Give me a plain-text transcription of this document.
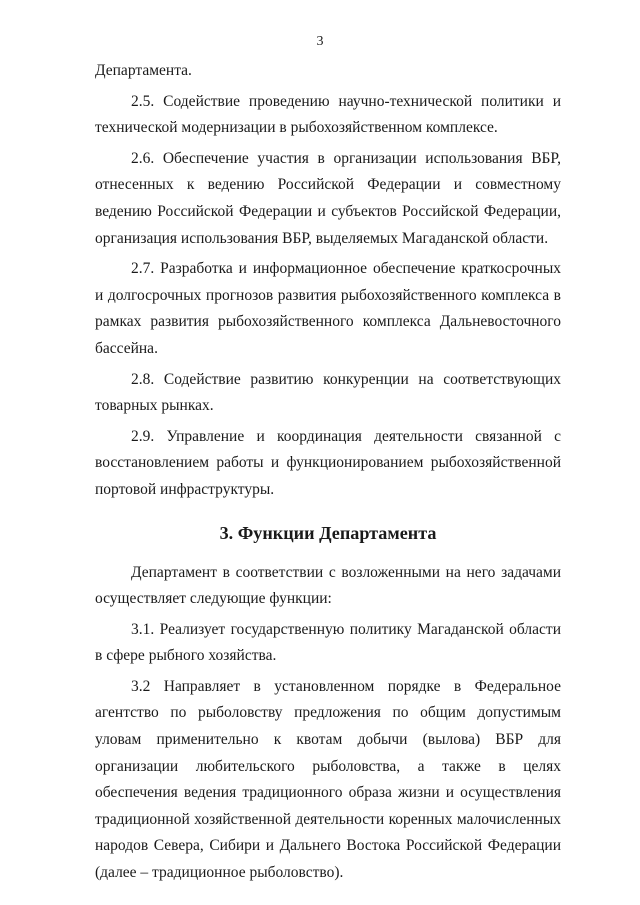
3

Департамента.

2.5. Содействие проведению научно-технической политики и технической модернизации в рыбохозяйственном комплексе.

2.6. Обеспечение участия в организации использования ВБР, отнесенных к ведению Российской Федерации и совместному ведению Российской Федерации и субъектов Российской Федерации, организация использования ВБР, выделяемых Магаданской области.

2.7. Разработка и информационное обеспечение краткосрочных и долгосрочных прогнозов развития рыбохозяйственного комплекса в рамках развития рыбохозяйственного комплекса Дальневосточного бассейна.

2.8. Содействие развитию конкуренции на соответствующих товарных рынках.

2.9. Управление и координация деятельности связанной с восстановлением работы и функционированием рыбохозяйственной портовой инфраструктуры.

3. Функции Департамента

Департамент в соответствии с возложенными на него задачами осуществляет следующие функции:

3.1. Реализует государственную политику Магаданской области в сфере рыбного хозяйства.

3.2 Направляет в установленном порядке в Федеральное агентство по рыболовству предложения по общим допустимым уловам применительно к квотам добычи (вылова) ВБР для организации любительского рыболовства, а также в целях обеспечения ведения традиционного образа жизни и осуществления традиционной хозяйственной деятельности коренных малочисленных народов Севера, Сибири и Дальнего Востока Российской Федерации (далее – традиционное рыболовство).
